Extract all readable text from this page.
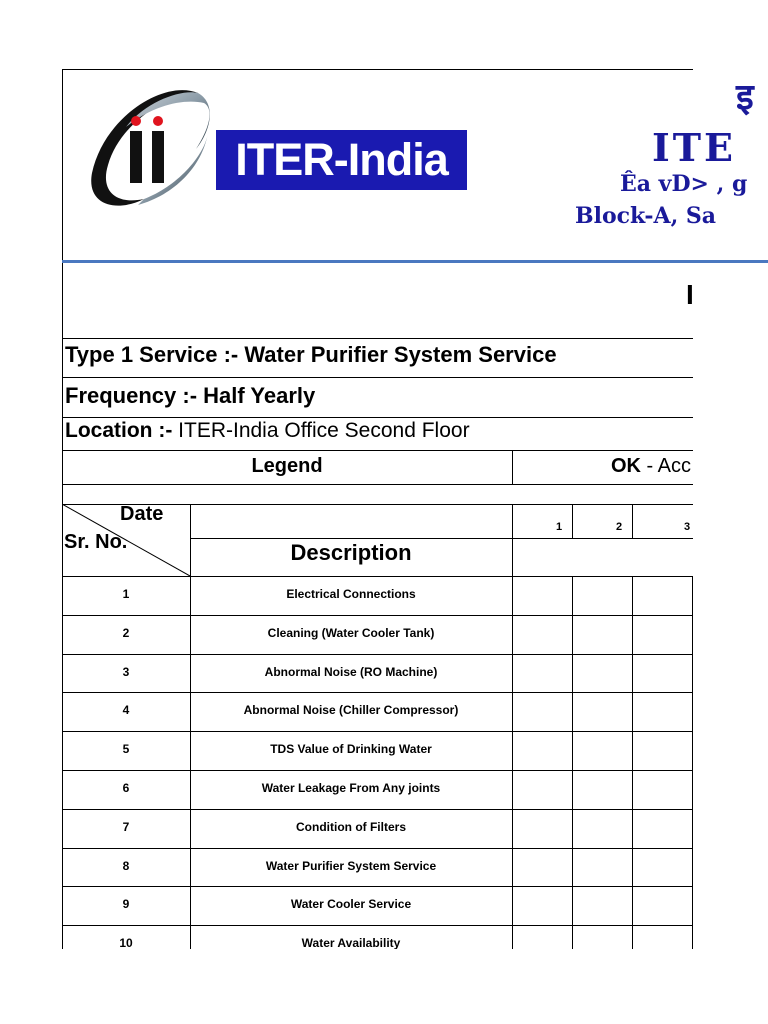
ITER-India
इ
ITE
Êa vD> , g
Block-A, Sa
I
Type 1 Service :- Water Purifier System Service
Frequency :- Half Yearly
Location :- ITER-India Office Second Floor
Legend	OK - Acc
Date
Sr. No.	Description
1	2	3
1	Electrical Connections
2	Cleaning (Water Cooler Tank)
3	Abnormal Noise (RO Machine)
4	Abnormal Noise (Chiller Compressor)
5	TDS Value of Drinking Water
6	Water Leakage From Any joints
7	Condition of Filters
8	Water Purifier System Service
9	Water Cooler Service
10	Water Availability
